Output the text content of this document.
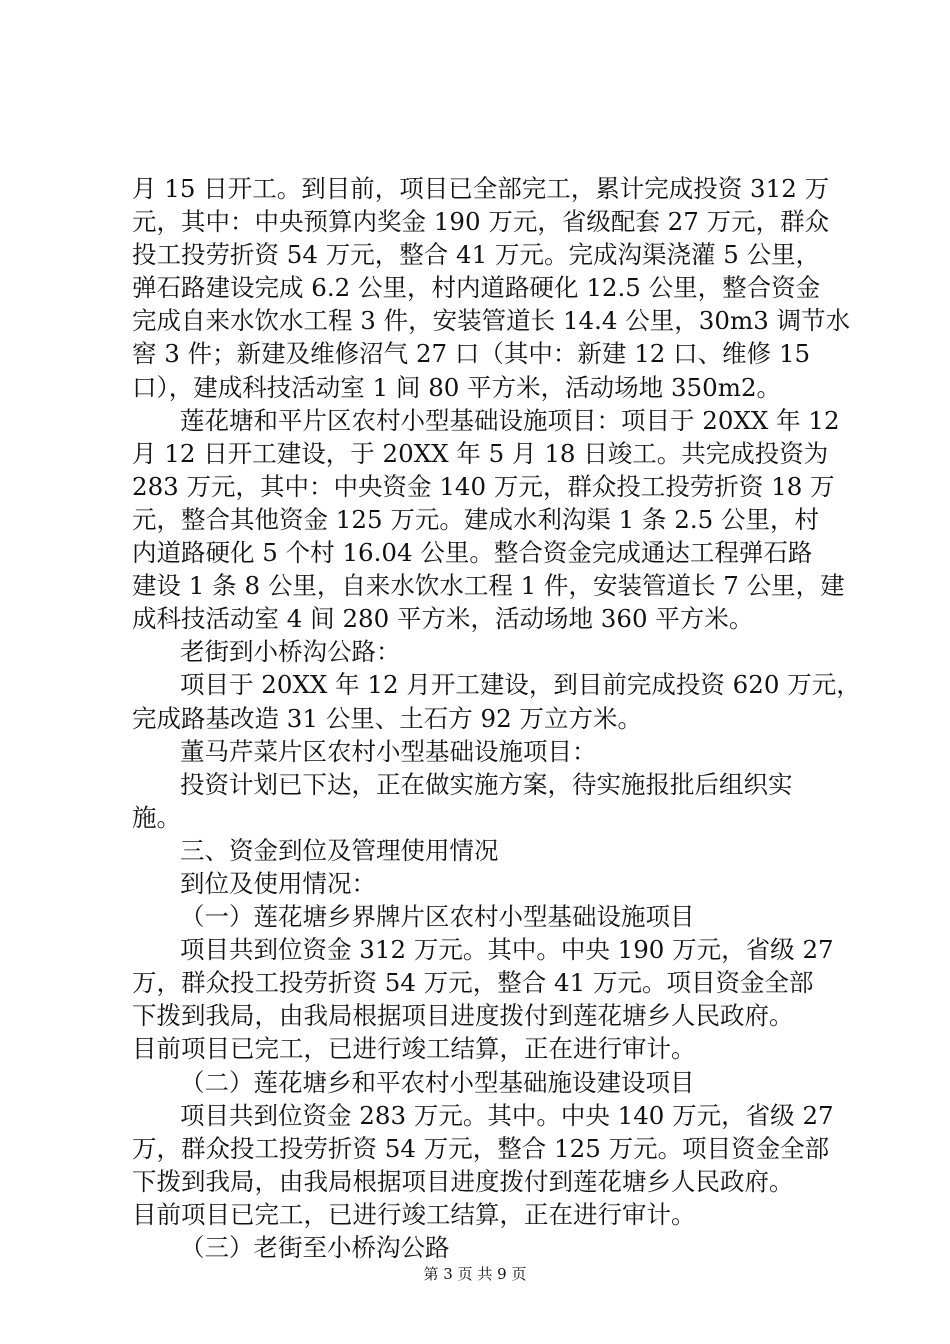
月 15 日开工。到目前，项目已全部完工，累计完成投资 312 万
元，其中：中央预算内奖金 190 万元，省级配套 27 万元，群众
投工投劳折资 54 万元，整合 41 万元。完成沟渠浇灌 5 公里，
弹石路建设完成 6.2 公里，村内道路硬化 12.5 公里，整合资金
完成自来水饮水工程 3 件，安装管道长 14.4 公里，30m3 调节水
窖 3 件；新建及维修沼气 27 口（其中：新建 12 口、维修 15
口），建成科技活动室 1 间 80 平方米，活动场地 350m2。
莲花塘和平片区农村小型基础设施项目：项目于 20XX 年 12
月 12 日开工建设，于 20XX 年 5 月 18 日竣工。共完成投资为
283 万元，其中：中央资金 140 万元，群众投工投劳折资 18 万
元，整合其他资金 125 万元。建成水利沟渠 1 条 2.5 公里，村
内道路硬化 5 个村 16.04 公里。整合资金完成通达工程弹石路
建设 1 条 8 公里，自来水饮水工程 1 件，安装管道长 7 公里，建
成科技活动室 4 间 280 平方米，活动场地 360 平方米。
老街到小桥沟公路：
项目于 20XX 年 12 月开工建设，到目前完成投资 620 万元，
完成路基改造 31 公里、土石方 92 万立方米。
董马芹菜片区农村小型基础设施项目：
投资计划已下达，正在做实施方案，待实施报批后组织实
施。
三、资金到位及管理使用情况
到位及使用情况：
（一）莲花塘乡界牌片区农村小型基础设施项目
项目共到位资金 312 万元。其中。中央 190 万元，省级 27
万，群众投工投劳折资 54 万元，整合 41 万元。项目资金全部
下拨到我局，由我局根据项目进度拨付到莲花塘乡人民政府。
目前项目已完工，已进行竣工结算，正在进行审计。
（二）莲花塘乡和平农村小型基础施设建设项目
项目共到位资金 283 万元。其中。中央 140 万元，省级 27
万，群众投工投劳折资 54 万元，整合 125 万元。项目资金全部
下拨到我局，由我局根据项目进度拨付到莲花塘乡人民政府。
目前项目已完工，已进行竣工结算，正在进行审计。
（三）老街至小桥沟公路
第 3 页 共 9 页
